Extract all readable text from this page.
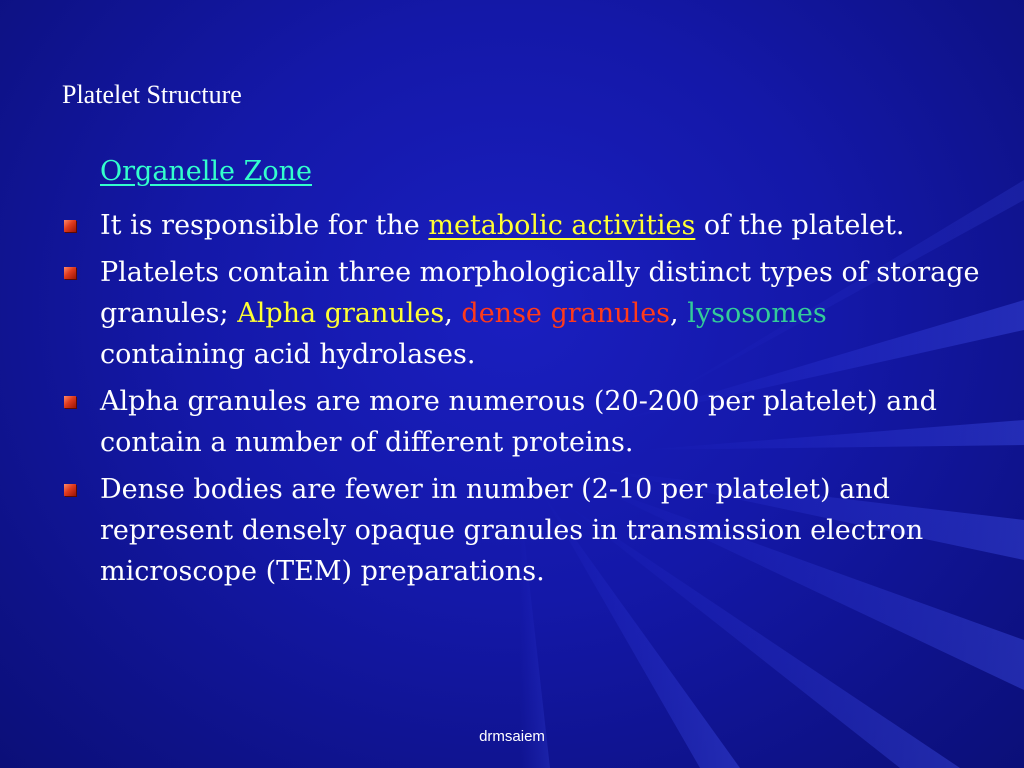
Platelet Structure
Organelle Zone
It is responsible for the metabolic activities of the platelet.
Platelets contain three morphologically distinct types of storage granules; Alpha granules, dense granules, lysosomes containing acid hydrolases.
Alpha granules are more numerous (20-200 per platelet) and contain a number of different proteins.
Dense bodies are fewer in number (2-10 per platelet) and represent densely opaque granules in transmission electron microscope (TEM) preparations.
drmsaiem
